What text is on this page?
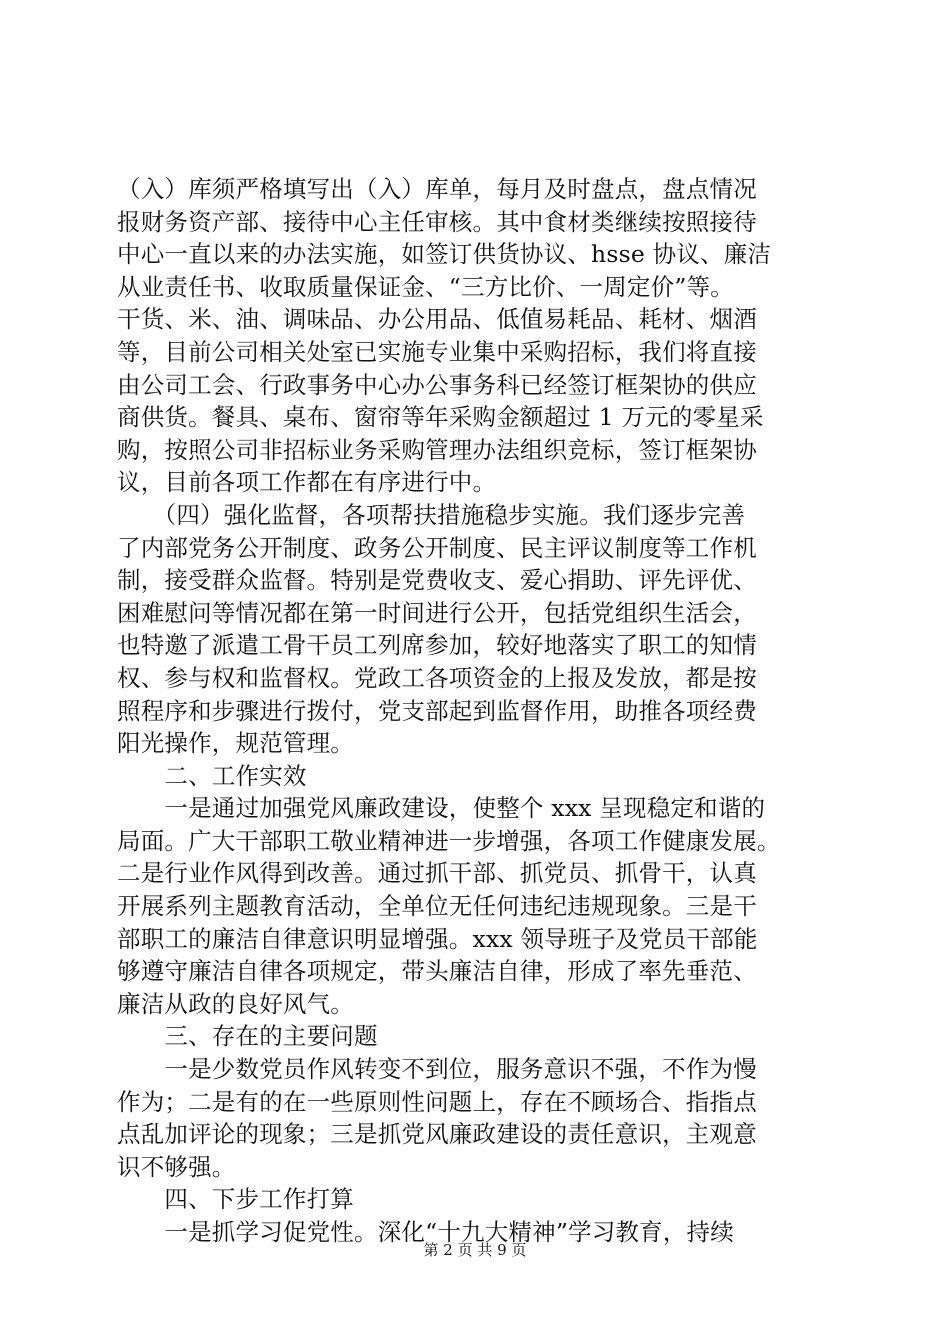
（入）库须严格填写出（入）库单，每月及时盘点，盘点情况
报财务资产部、接待中心主任审核。其中食材类继续按照接待
中心一直以来的办法实施，如签订供货协议、hsse 协议、廉洁
从业责任书、收取质量保证金、“三方比价、一周定价”等。
干货、米、油、调味品、办公用品、低值易耗品、耗材、烟酒
等，目前公司相关处室已实施专业集中采购招标，我们将直接
由公司工会、行政事务中心办公事务科已经签订框架协的供应
商供货。餐具、桌布、窗帘等年采购金额超过 1 万元的零星采
购，按照公司非招标业务采购管理办法组织竞标，签订框架协
议，目前各项工作都在有序进行中。
　　（四）强化监督，各项帮扶措施稳步实施。我们逐步完善
了内部党务公开制度、政务公开制度、民主评议制度等工作机
制，接受群众监督。特别是党费收支、爱心捐助、评先评优、
困难慰问等情况都在第一时间进行公开，包括党组织生活会，
也特邀了派遣工骨干员工列席参加，较好地落实了职工的知情
权、参与权和监督权。党政工各项资金的上报及发放，都是按
照程序和步骤进行拨付，党支部起到监督作用，助推各项经费
阳光操作，规范管理。
　　二、工作实效
　　一是通过加强党风廉政建设，使整个 xxx 呈现稳定和谐的
局面。广大干部职工敬业精神进一步增强，各项工作健康发展。
二是行业作风得到改善。通过抓干部、抓党员、抓骨干，认真
开展系列主题教育活动，全单位无任何违纪违规现象。三是干
部职工的廉洁自律意识明显增强。xxx 领导班子及党员干部能
够遵守廉洁自律各项规定，带头廉洁自律，形成了率先垂范、
廉洁从政的良好风气。
　　三、存在的主要问题
　　一是少数党员作风转变不到位，服务意识不强，不作为慢
作为；二是有的在一些原则性问题上，存在不顾场合、指指点
点乱加评论的现象；三是抓党风廉政建设的责任意识，主观意
识不够强。
　　四、下步工作打算
　　一是抓学习促党性。深化“十九大精神”学习教育，持续
第 2 页 共 9 页
